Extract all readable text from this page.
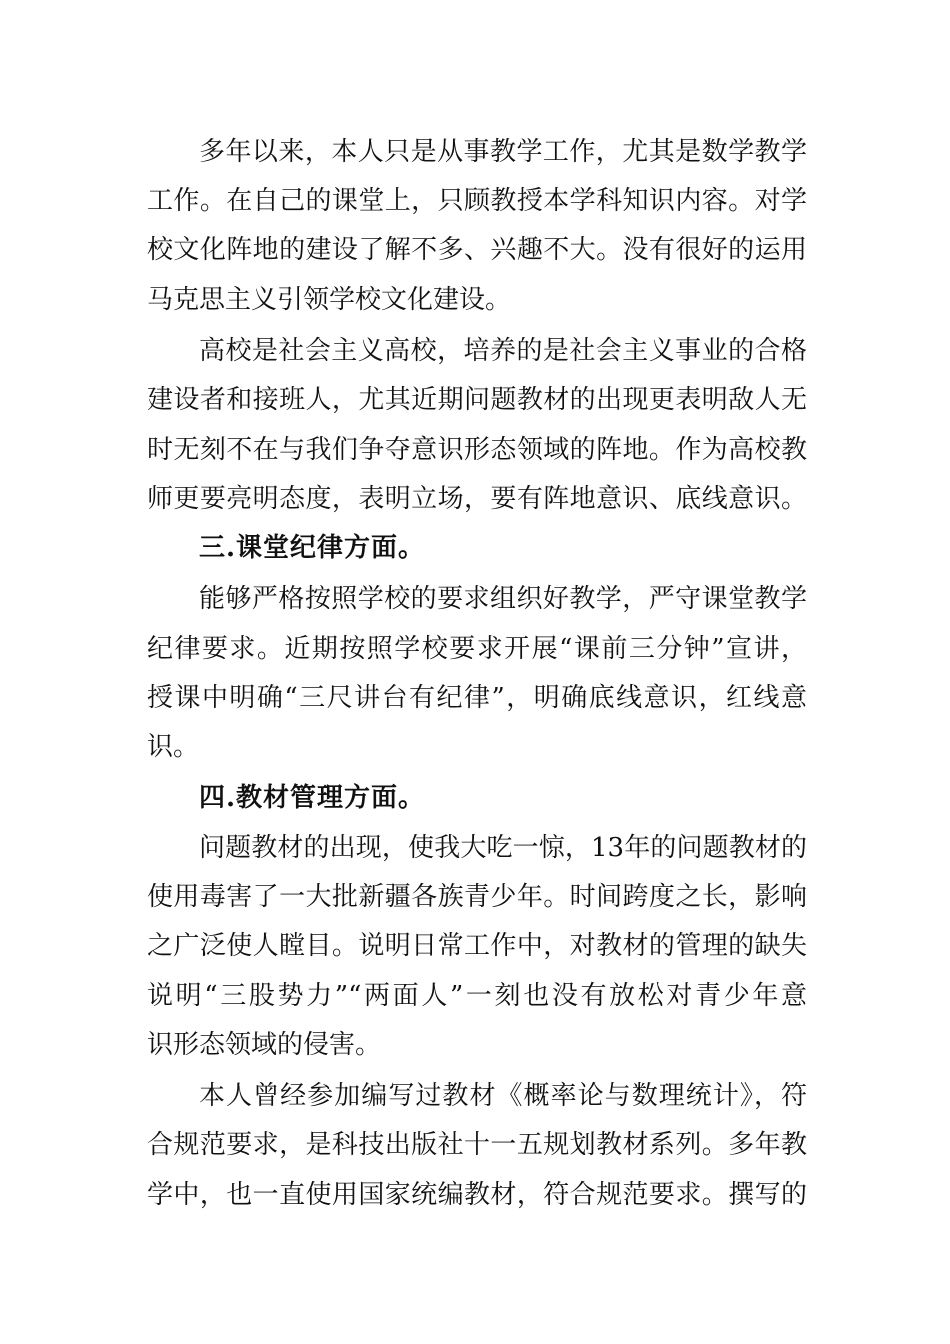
多年以来，本人只是从事教学工作，尤其是数学教学
工作。在自己的课堂上，只顾教授本学科知识内容。对学
校文化阵地的建设了解不多、兴趣不大。没有很好的运用
马克思主义引领学校文化建设。
高校是社会主义高校，培养的是社会主义事业的合格
建设者和接班人，尤其近期问题教材的出现更表明敌人无
时无刻不在与我们争夺意识形态领域的阵地。作为高校教
师更要亮明态度，表明立场，要有阵地意识、底线意识。
三.课堂纪律方面。
能够严格按照学校的要求组织好教学，严守课堂教学
纪律要求。近期按照学校要求开展“课前三分钟”宣讲，
授课中明确“三尺讲台有纪律”，明确底线意识，红线意
识。
四.教材管理方面。
问题教材的出现，使我大吃一惊，13年的问题教材的
使用毒害了一大批新疆各族青少年。时间跨度之长，影响
之广泛使人瞠目。说明日常工作中，对教材的管理的缺失
说明“三股势力”“两面人”一刻也没有放松对青少年意
识形态领域的侵害。
本人曾经参加编写过教材《概率论与数理统计》，符
合规范要求，是科技出版社十一五规划教材系列。多年教
学中，也一直使用国家统编教材，符合规范要求。撰写的
